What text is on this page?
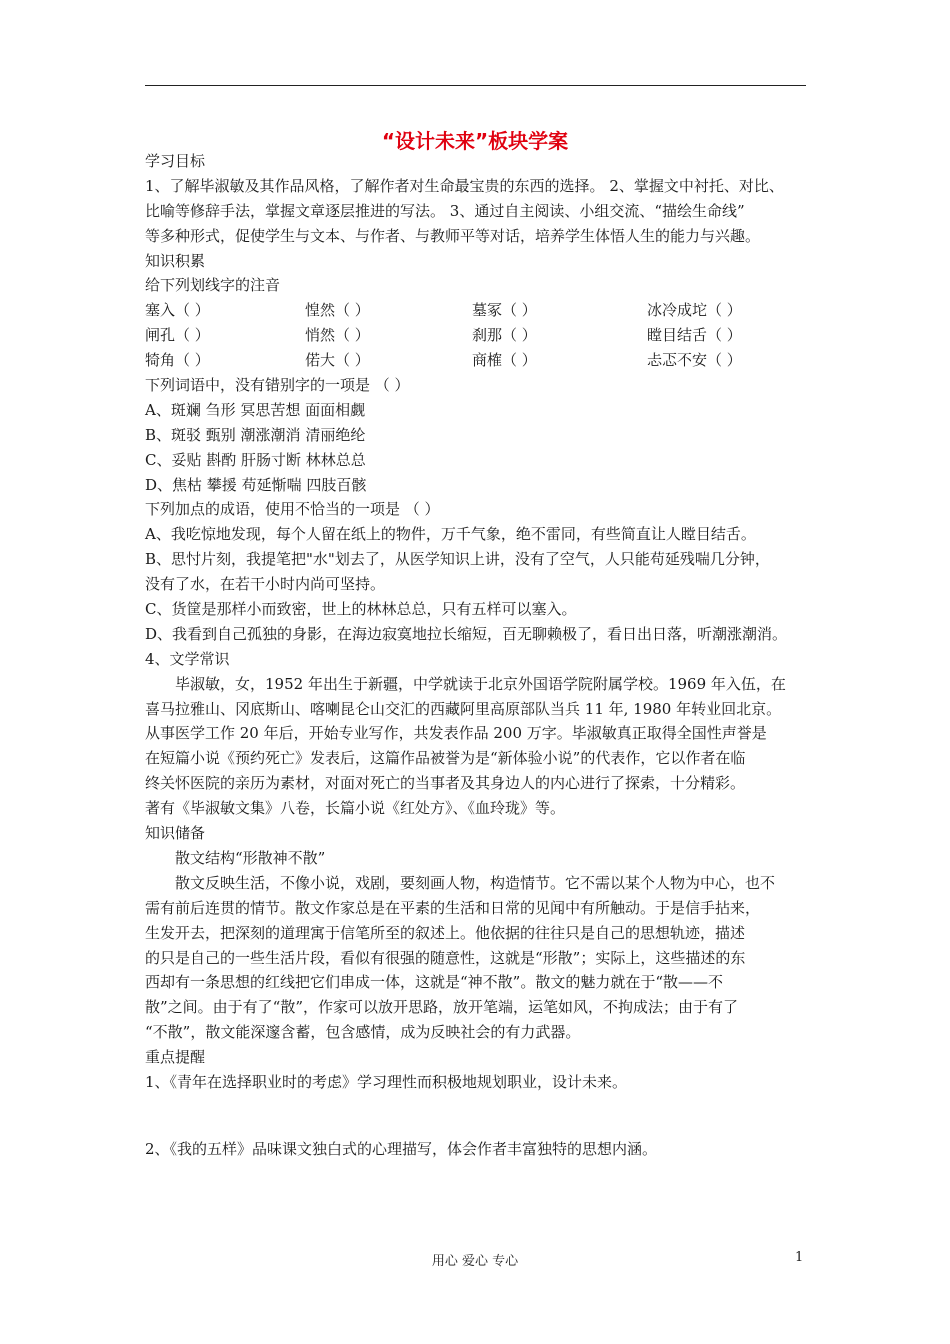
“设计未来”板块学案
学习目标
1、了解毕淑敏及其作品风格，了解作者对生命最宝贵的东西的选择。 2、掌握文中衬托、对比、
比喻等修辞手法，掌握文章逐层推进的写法。 3、通过自主阅读、小组交流、“描绘生命线”
等多种形式，促使学生与文本、与作者、与教师平等对话，培养学生体悟人生的能力与兴趣。
知识积累
给下列划线字的注音
塞入（ ）	惶然（ ）	墓冢（ ）	冰冷成坨（ ）
闸孔（ ）	悄然（ ）	刹那（ ）	瞠目结舌（ ）
犄角（ ）	偌大（ ）	商榷（ ）	忐忑不安（ ）
下列词语中，没有错别字的一项是 （ ）
A、斑斓 刍形 冥思苦想 面面相觑
B、斑驳 甄别 潮涨潮消 清丽绝纶
C、妥贴 斟酌 肝肠寸断 林林总总
D、焦枯 攀援 苟延惭喘 四肢百骸
下列加点的成语，使用不恰当的一项是 （ ）
A、我吃惊地发现，每个人留在纸上的物件，万千气象，绝不雷同，有些简直让人瞠目结舌。
B、思忖片刻，我提笔把"水"划去了，从医学知识上讲，没有了空气，人只能苟延残喘几分钟，
没有了水，在若干小时内尚可坚持。
C、货筐是那样小而致密，世上的林林总总，只有五样可以塞入。
D、我看到自己孤独的身影，在海边寂寞地拉长缩短，百无聊赖极了，看日出日落，听潮涨潮消。
4、文学常识
毕淑敏，女，1952 年出生于新疆，中学就读于北京外国语学院附属学校。1969 年入伍，在
喜马拉雅山、冈底斯山、喀喇昆仑山交汇的西藏阿里高原部队当兵 11 年, 1980 年转业回北京。
从事医学工作 20 年后，开始专业写作，共发表作品 200 万字。毕淑敏真正取得全国性声誉是
在短篇小说《预约死亡》发表后，这篇作品被誉为是“新体验小说”的代表作，它以作者在临
终关怀医院的亲历为素材，对面对死亡的当事者及其身边人的内心进行了探索，十分精彩。
著有《毕淑敏文集》八卷，长篇小说《红处方》、《血玲珑》等。
知识储备
散文结构“形散神不散”
散文反映生活，不像小说，戏剧，要刻画人物，构造情节。它不需以某个人物为中心，也不
需有前后连贯的情节。散文作家总是在平素的生活和日常的见闻中有所触动。于是信手拈来，
生发开去，把深刻的道理寓于信笔所至的叙述上。他依据的往往只是自己的思想轨迹，描述
的只是自己的一些生活片段，看似有很强的随意性，这就是“形散”；实际上，这些描述的东
西却有一条思想的红线把它们串成一体，这就是“神不散”。散文的魅力就在于“散——不
散”之间。由于有了“散”，作家可以放开思路，放开笔端，运笔如风，不拘成法；由于有了
“不散”，散文能深邃含蓄，包含感情，成为反映社会的有力武器。
重点提醒
1、《青年在选择职业时的考虑》学习理性而积极地规划职业，设计未来。
2、《我的五样》品味课文独白式的心理描写，体会作者丰富独特的思想内涵。
用心 爱心 专心	1
